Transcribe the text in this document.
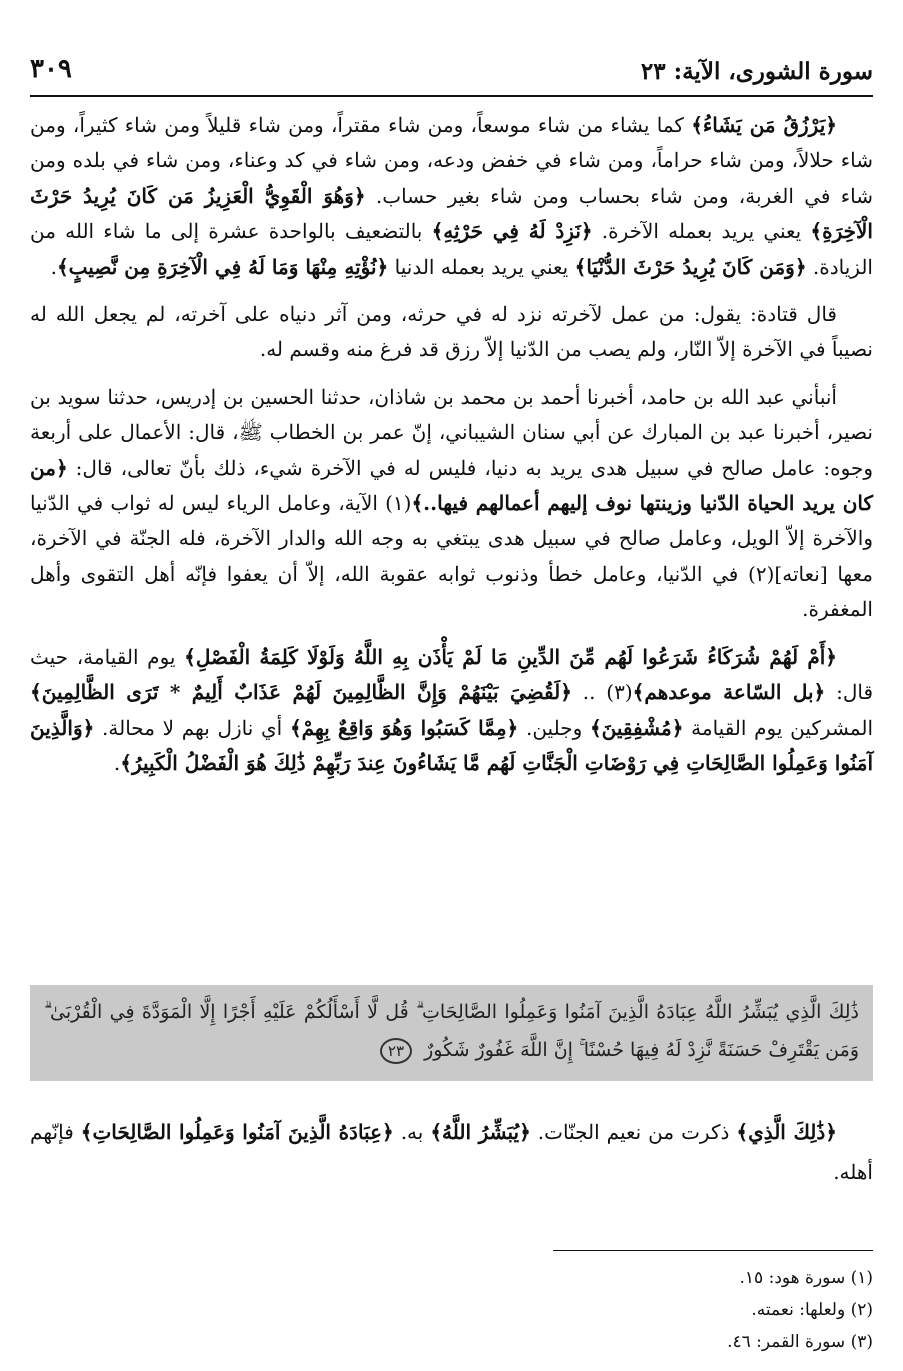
سورة الشورى، الآية: ٢٣
٣٠٩

﴿يَرْزُقُ مَن يَشَاءُ﴾ كما يشاء من شاء موسعاً، ومن شاء مقتراً، ومن شاء قليلاً ومن شاء كثيراً، ومن شاء حلالاً، ومن شاء حراماً، ومن شاء في خفض ودعه، ومن شاء في كد وعناء، ومن شاء في بلده ومن شاء في الغربة، ومن شاء بحساب ومن شاء بغير حساب. ﴿وَهُوَ الْقَوِيُّ الْعَزِيزُ مَن كَانَ يُرِيدُ حَرْثَ الْآخِرَةِ﴾ يعني يريد بعمله الآخرة. ﴿نَزِدْ لَهُ فِي حَرْثِهِ﴾ بالتضعيف بالواحدة عشرة إلى ما شاء الله من الزيادة. ﴿وَمَن كَانَ يُرِيدُ حَرْثَ الدُّنْيَا﴾ يعني يريد بعمله الدنيا ﴿نُؤْتِهِ مِنْهَا وَمَا لَهُ فِي الْآخِرَةِ مِن نَّصِيبٍ﴾.

قال قتادة: يقول: من عمل لآخرته نزد له في حرثه، ومن آثر دنياه على آخرته، لم يجعل الله له نصيباً في الآخرة إلاّ النّار، ولم يصب من الدّنيا إلاّ رزق قد فرغ منه وقسم له.

أنبأني عبد الله بن حامد، أخبرنا أحمد بن محمد بن شاذان، حدثنا الحسين بن إدريس، حدثنا سويد بن نصير، أخبرنا عبد بن المبارك عن أبي سنان الشيباني، إنّ عمر بن الخطاب ﷺ، قال: الأعمال على أربعة وجوه: عامل صالح في سبيل هدى يريد به دنيا، فليس له في الآخرة شيء، ذلك بأنّ تعالى، قال: ﴿من كان يريد الحياة الدّنيا وزينتها نوف إليهم أعمالهم فيها..﴾(١) الآية، وعامل الرياء ليس له ثواب في الدّنيا والآخرة إلاّ الويل، وعامل صالح في سبيل هدى يبتغي به وجه الله والدار الآخرة، فله الجنّة في الآخرة، معها [نعاته](٢) في الدّنيا، وعامل خطأ وذنوب ثوابه عقوبة الله، إلاّ أن يعفوا فإنّه أهل التقوى وأهل المغفرة.

﴿أَمْ لَهُمْ شُرَكَاءُ شَرَعُوا لَهُم مِّنَ الدِّينِ مَا لَمْ يَأْذَن بِهِ اللَّهُ وَلَوْلَا كَلِمَةُ الْفَصْلِ﴾ يوم القيامة، حيث قال: ﴿بل السّاعة موعدهم﴾(٣) .. ﴿لَقُضِيَ بَيْنَهُمْ وَإِنَّ الظَّالِمِينَ لَهُمْ عَذَابٌ أَلِيمٌ * تَرَى الظَّالِمِينَ﴾ المشركين يوم القيامة ﴿مُشْفِقِينَ﴾ وجلين. ﴿مِمَّا كَسَبُوا وَهُوَ وَاقِعٌ بِهِمْ﴾ أي نازل بهم لا محالة. ﴿وَالَّذِينَ آمَنُوا وَعَمِلُوا الصَّالِحَاتِ فِي رَوْضَاتِ الْجَنَّاتِ لَهُم مَّا يَشَاءُونَ عِندَ رَبِّهِمْ ذَٰلِكَ هُوَ الْفَضْلُ الْكَبِيرُ﴾.

ذَٰلِكَ الَّذِي يُبَشِّرُ اللَّهُ عِبَادَهُ الَّذِينَ آمَنُوا وَعَمِلُوا الصَّالِحَاتِ ۗ قُل لَّا أَسْأَلُكُمْ عَلَيْهِ أَجْرًا إِلَّا الْمَوَدَّةَ فِي الْقُرْبَىٰ ۗ وَمَن يَقْتَرِفْ حَسَنَةً نَّزِدْ لَهُ فِيهَا حُسْنًا ۚ إِنَّ اللَّهَ غَفُورٌ شَكُورٌ ٢٣

﴿ذَٰلِكَ الَّذِي﴾ ذكرت من نعيم الجنّات. ﴿يُبَشِّرُ اللَّهُ﴾ به. ﴿عِبَادَهُ الَّذِينَ آمَنُوا وَعَمِلُوا الصَّالِحَاتِ﴾ فإنّهم أهله.

(١) سورة هود: ١٥.
(٢) ولعلها: نعمته.
(٣) سورة القمر: ٤٦.
